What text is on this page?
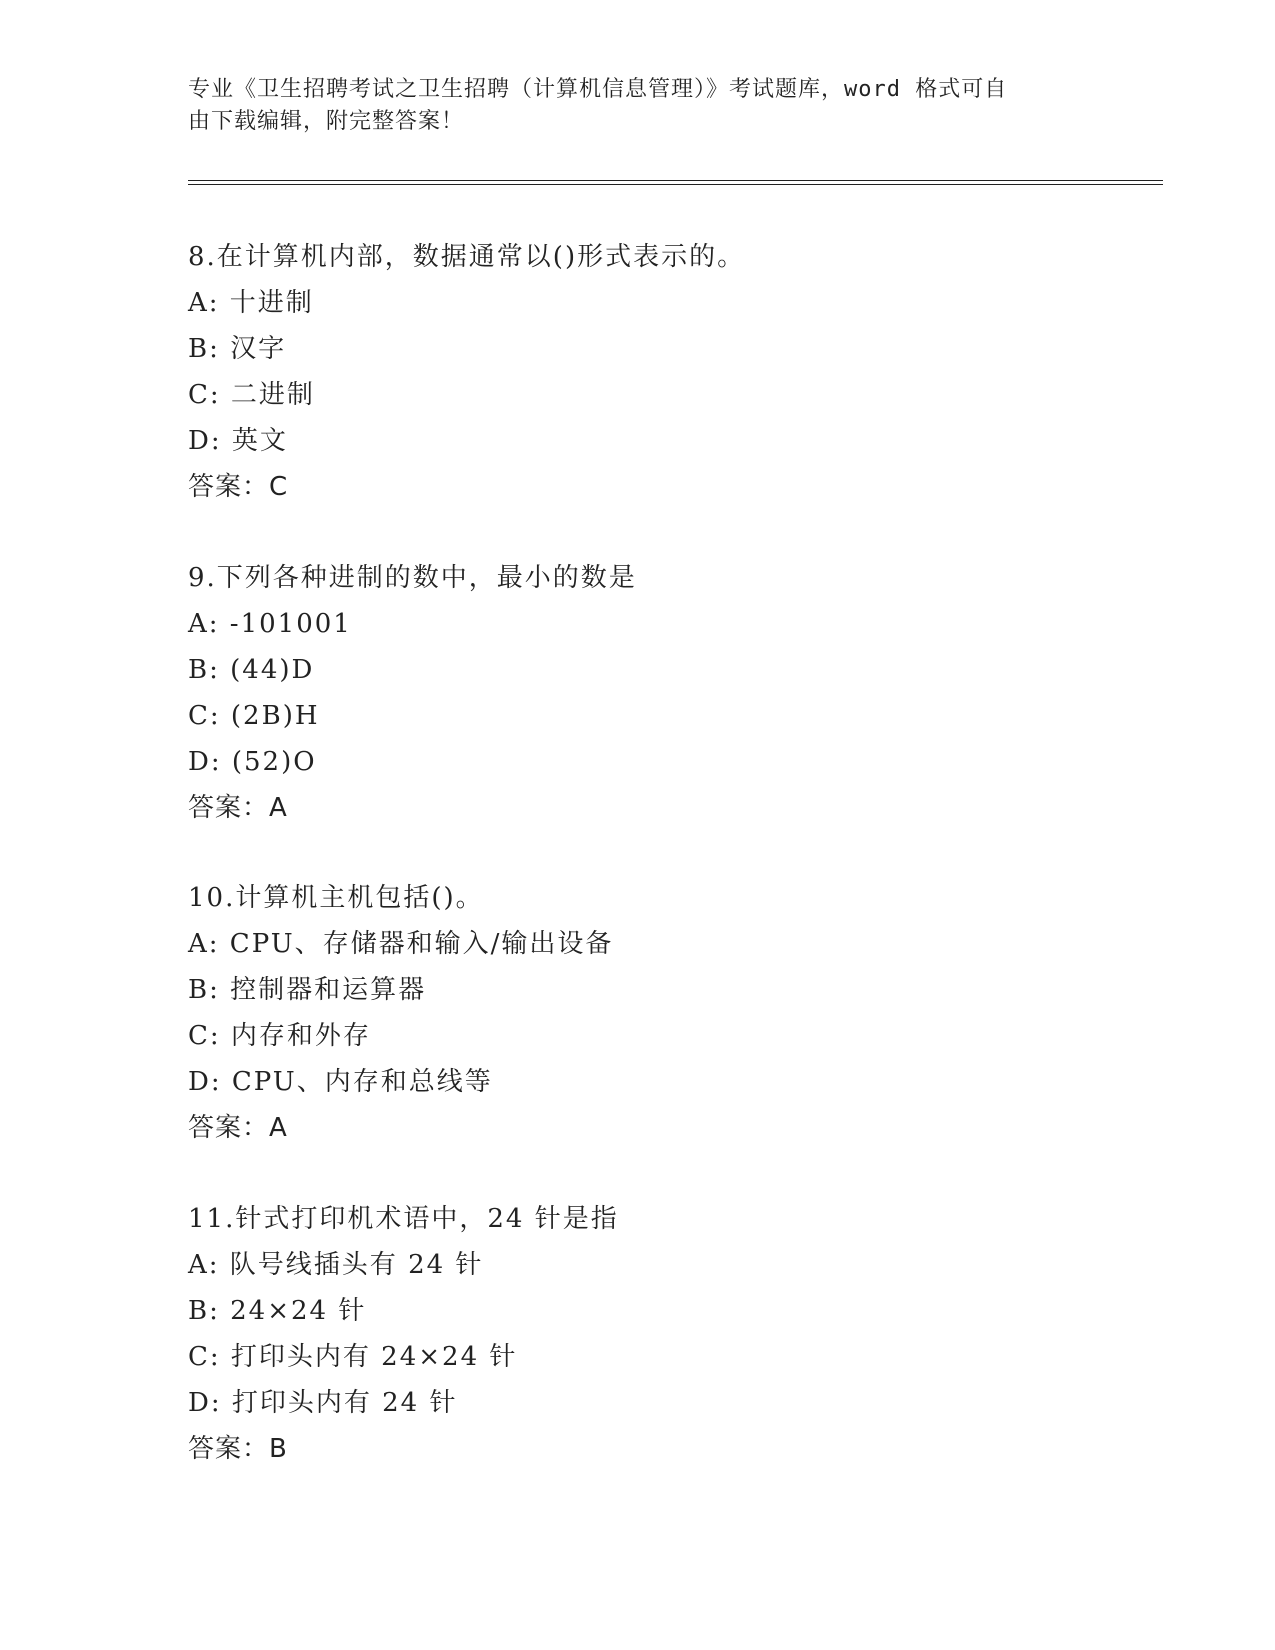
专业《卫生招聘考试之卫生招聘（计算机信息管理）》考试题库，word 格式可自
由下载编辑，附完整答案！
8.在计算机内部，数据通常以()形式表示的。
A: 十进制
B: 汉字
C: 二进制
D: 英文
答案：C
9.下列各种进制的数中，最小的数是
A: -101001
B: (44)D
C: (2B)H
D: (52)O
答案：A
10.计算机主机包括()。
A: CPU、存储器和输入/输出设备
B: 控制器和运算器
C: 内存和外存
D: CPU、内存和总线等
答案：A
11.针式打印机术语中，24 针是指
A: 队号线插头有 24 针
B: 24×24 针
C: 打印头内有 24×24 针
D: 打印头内有 24 针
答案：B
